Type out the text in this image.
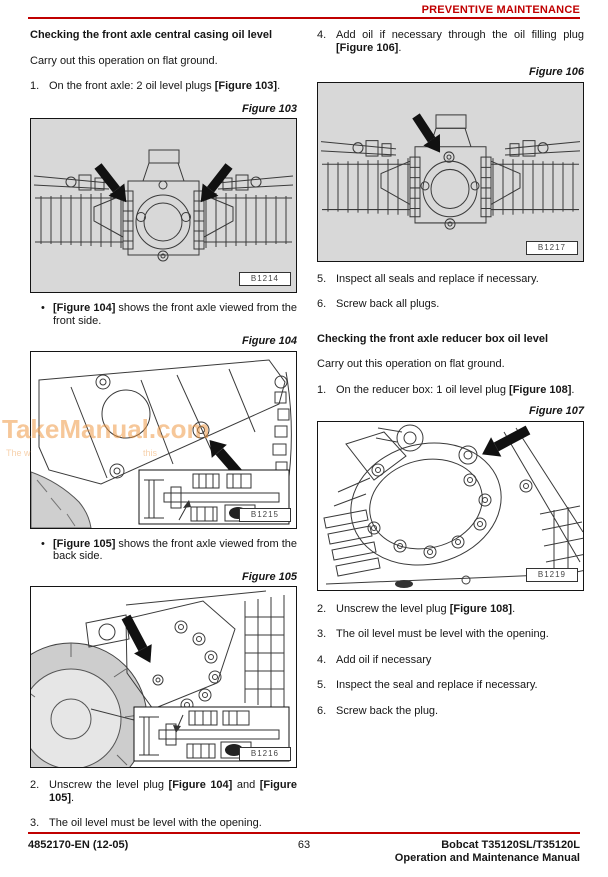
PREVENTIVE MAINTENANCE

Checking the front axle central casing oil level

Carry out this operation on flat ground.

1. On the front axle: 2 oil level plugs [Figure 103].
Figure 103
B1214
• [Figure 104] shows the front axle viewed from the front side.
Figure 104
B1215
• [Figure 105] shows the front axle viewed from the back side.
Figure 105
B1216
2. Unscrew the level plug [Figure 104] and [Figure 105].
3. The oil level must be level with the opening.
4. Add oil if necessary through the oil filling plug [Figure 106].
Figure 106
B1217
5. Inspect all seals and replace if necessary.
6. Screw back all plugs.

Checking the front axle reducer box oil level

Carry out this operation on flat ground.

1. On the reducer box: 1 oil level plug [Figure 108].
Figure 107
B1219
2. Unscrew the level plug [Figure 108].
3. The oil level must be level with the opening.
4. Add oil if necessary
5. Inspect the seal and replace if necessary.
6. Screw back the plug.
TakeManual.com
The w	this
4852170-EN (12-05)	63	Bobcat T35120SL/T35120L
Operation and Maintenance Manual
